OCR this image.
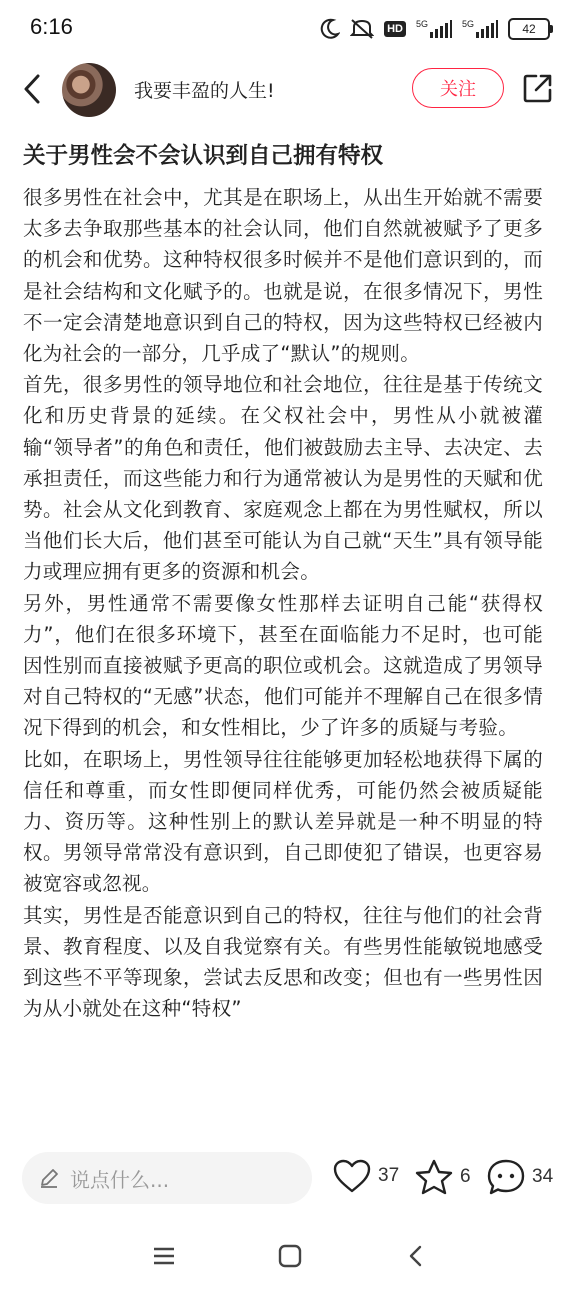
6:16	HD	5G	5G	42
我要丰盈的人生!	关注
关于男性会不会认识到自己拥有特权

很多男性在社会中，尤其是在职场上，从出生开始就不需要太多去争取那些基本的社会认同，他们自然就被赋予了更多的机会和优势。这种特权很多时候并不是他们意识到的，而是社会结构和文化赋予的。也就是说，在很多情况下，男性不一定会清楚地意识到自己的特权，因为这些特权已经被内化为社会的一部分，几乎成了“默认”的规则。

首先，很多男性的领导地位和社会地位，往往是基于传统文化和历史背景的延续。在父权社会中，男性从小就被灌输“领导者”的角色和责任，他们被鼓励去主导、去决定、去承担责任，而这些能力和行为通常被认为是男性的天赋和优势。社会从文化到教育、家庭观念上都在为男性赋权，所以当他们长大后，他们甚至可能认为自己就“天生”具有领导能力或理应拥有更多的资源和机会。

另外，男性通常不需要像女性那样去证明自己能“获得权力”，他们在很多环境下，甚至在面临能力不足时，也可能因性别而直接被赋予更高的职位或机会。这就造成了男领导对自己特权的“无感”状态，他们可能并不理解自己在很多情况下得到的机会，和女性相比，少了许多的质疑与考验。

比如，在职场上，男性领导往往能够更加轻松地获得下属的信任和尊重，而女性即便同样优秀，可能仍然会被质疑能力、资历等。这种性别上的默认差异就是一种不明显的特权。男领导常常没有意识到，自己即使犯了错误，也更容易被宽容或忽视。

其实，男性是否能意识到自己的特权，往往与他们的社会背景、教育程度、以及自我觉察有关。有些男性能敏锐地感受到这些不平等现象，尝试去反思和改变；但也有一些男性因为从小就处在这种“特权”

说点什么...	37	6	34
